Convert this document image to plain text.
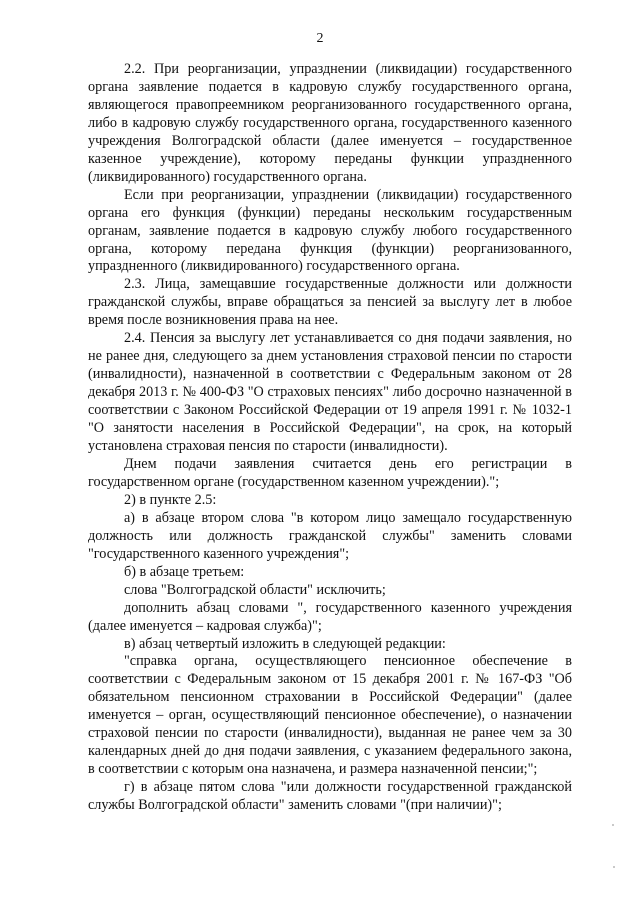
2

2.2. При реорганизации, упразднении (ликвидации) государственного органа заявление подается в кадровую службу государственного органа, являющегося правопреемником реорганизованного государственного органа, либо в кадровую службу государственного органа, государственного казенного учреждения Волгоградской области (далее именуется – государственное казенное учреждение), которому переданы функции упраздненного (ликвидированного) государственного органа.

Если при реорганизации, упразднении (ликвидации) государственного органа его функция (функции) переданы нескольким государственным органам, заявление подается в кадровую службу любого государственного органа, которому передана функция (функции) реорганизованного, упраздненного (ликвидированного) государственного органа.

2.3. Лица, замещавшие государственные должности или должности гражданской службы, вправе обращаться за пенсией за выслугу лет в любое время после возникновения права на нее.

2.4. Пенсия за выслугу лет устанавливается со дня подачи заявления, но не ранее дня, следующего за днем установления страховой пенсии по старости (инвалидности), назначенной в соответствии с Федеральным законом от 28 декабря 2013 г. № 400-ФЗ "О страховых пенсиях" либо досрочно назначенной в соответствии с Законом Российской Федерации от 19 апреля 1991 г. № 1032-1 "О занятости населения в Российской Федерации", на срок, на который установлена страховая пенсия по старости (инвалидности).

Днем подачи заявления считается день его регистрации в государственном органе (государственном казенном учреждении).";

2) в пункте 2.5:

а) в абзаце втором слова "в котором лицо замещало государственную должность или должность гражданской службы" заменить словами "государственного казенного учреждения";

б) в абзаце третьем:

слова "Волгоградской области" исключить;

дополнить абзац словами ", государственного казенного учреждения (далее именуется – кадровая служба)";

в) абзац четвертый изложить в следующей редакции:

"справка органа, осуществляющего пенсионное обеспечение в соответствии с Федеральным законом от 15 декабря 2001 г. № 167-ФЗ "Об обязательном пенсионном страховании в Российской Федерации" (далее именуется – орган, осуществляющий пенсионное обеспечение), о назначении страховой пенсии по старости (инвалидности), выданная не ранее чем за 30 календарных дней до дня подачи заявления, с указанием федерального закона, в соответствии с которым она назначена, и размера назначенной пенсии;";

г) в абзаце пятом слова "или должности государственной гражданской службы Волгоградской области" заменить словами "(при наличии)";
